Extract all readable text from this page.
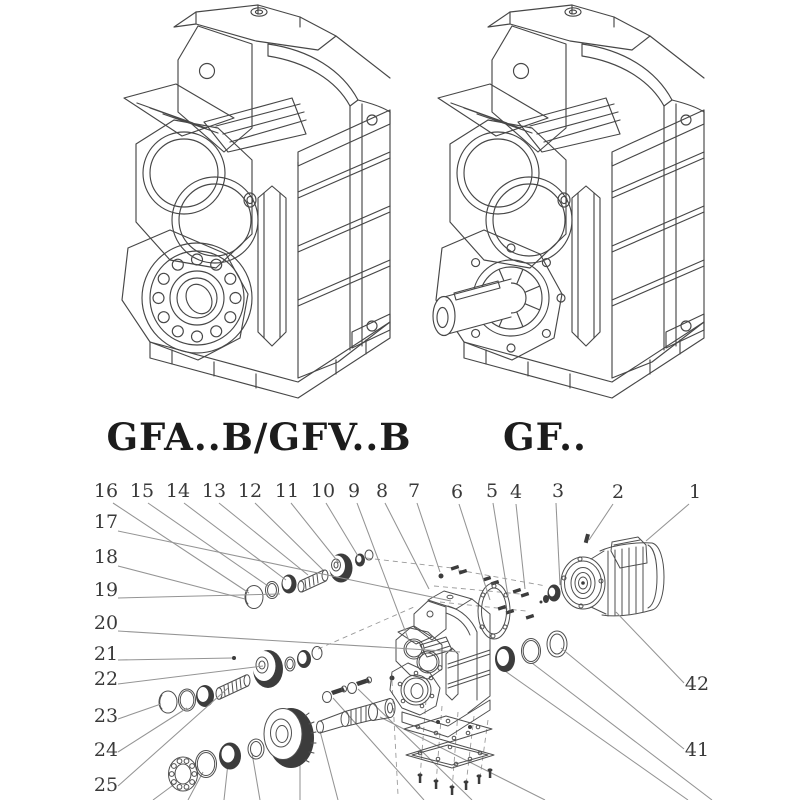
GFA..B/GFV..B GF..
16 15 14 13 12 11 10 9 8 7 6 5 4 3	2	1
17
18
19
20
21
22
23
24
25
42
41
